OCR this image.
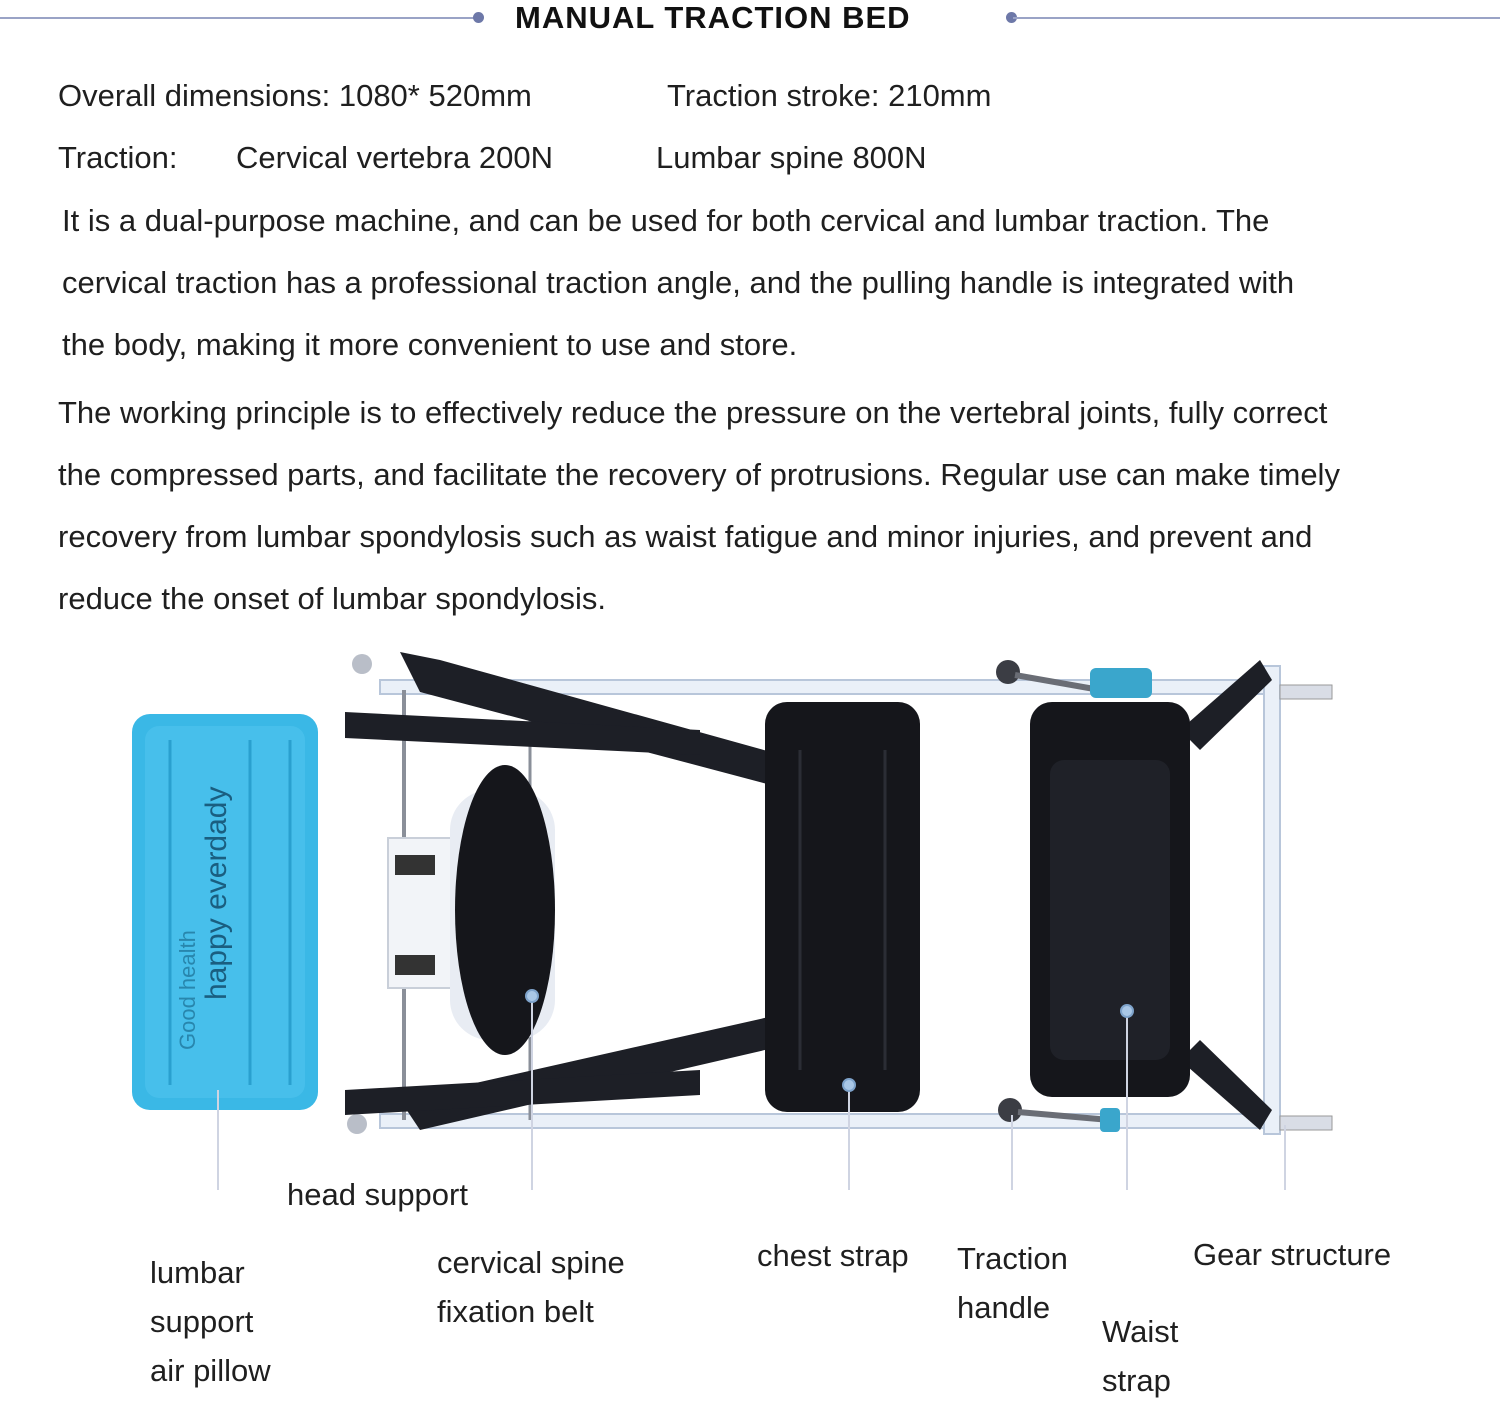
MANUAL TRACTION BED
Overall dimensions: 1080* 520mm	Traction stroke: 210mm
Traction: Cervical vertebra 200N	Lumbar spine 800N

It is a dual-purpose machine, and can be used for both cervical and lumbar traction. The

cervical traction has a professional traction angle, and the pulling handle is integrated with

the body, making it more convenient to use and store.

The working principle is to effectively reduce the pressure on the vertebral joints, fully correct

the compressed parts, and facilitate the recovery of protrusions. Regular use can make timely

recovery from lumbar spondylosis such as waist fatigue and minor injuries, and prevent and

reduce the onset of lumbar spondylosis.

Good health happy everdady
head support
lumbar
support
air pillow
cervical spine
fixation belt
chest strap Traction
handle
Waist
strap
Gear structure
